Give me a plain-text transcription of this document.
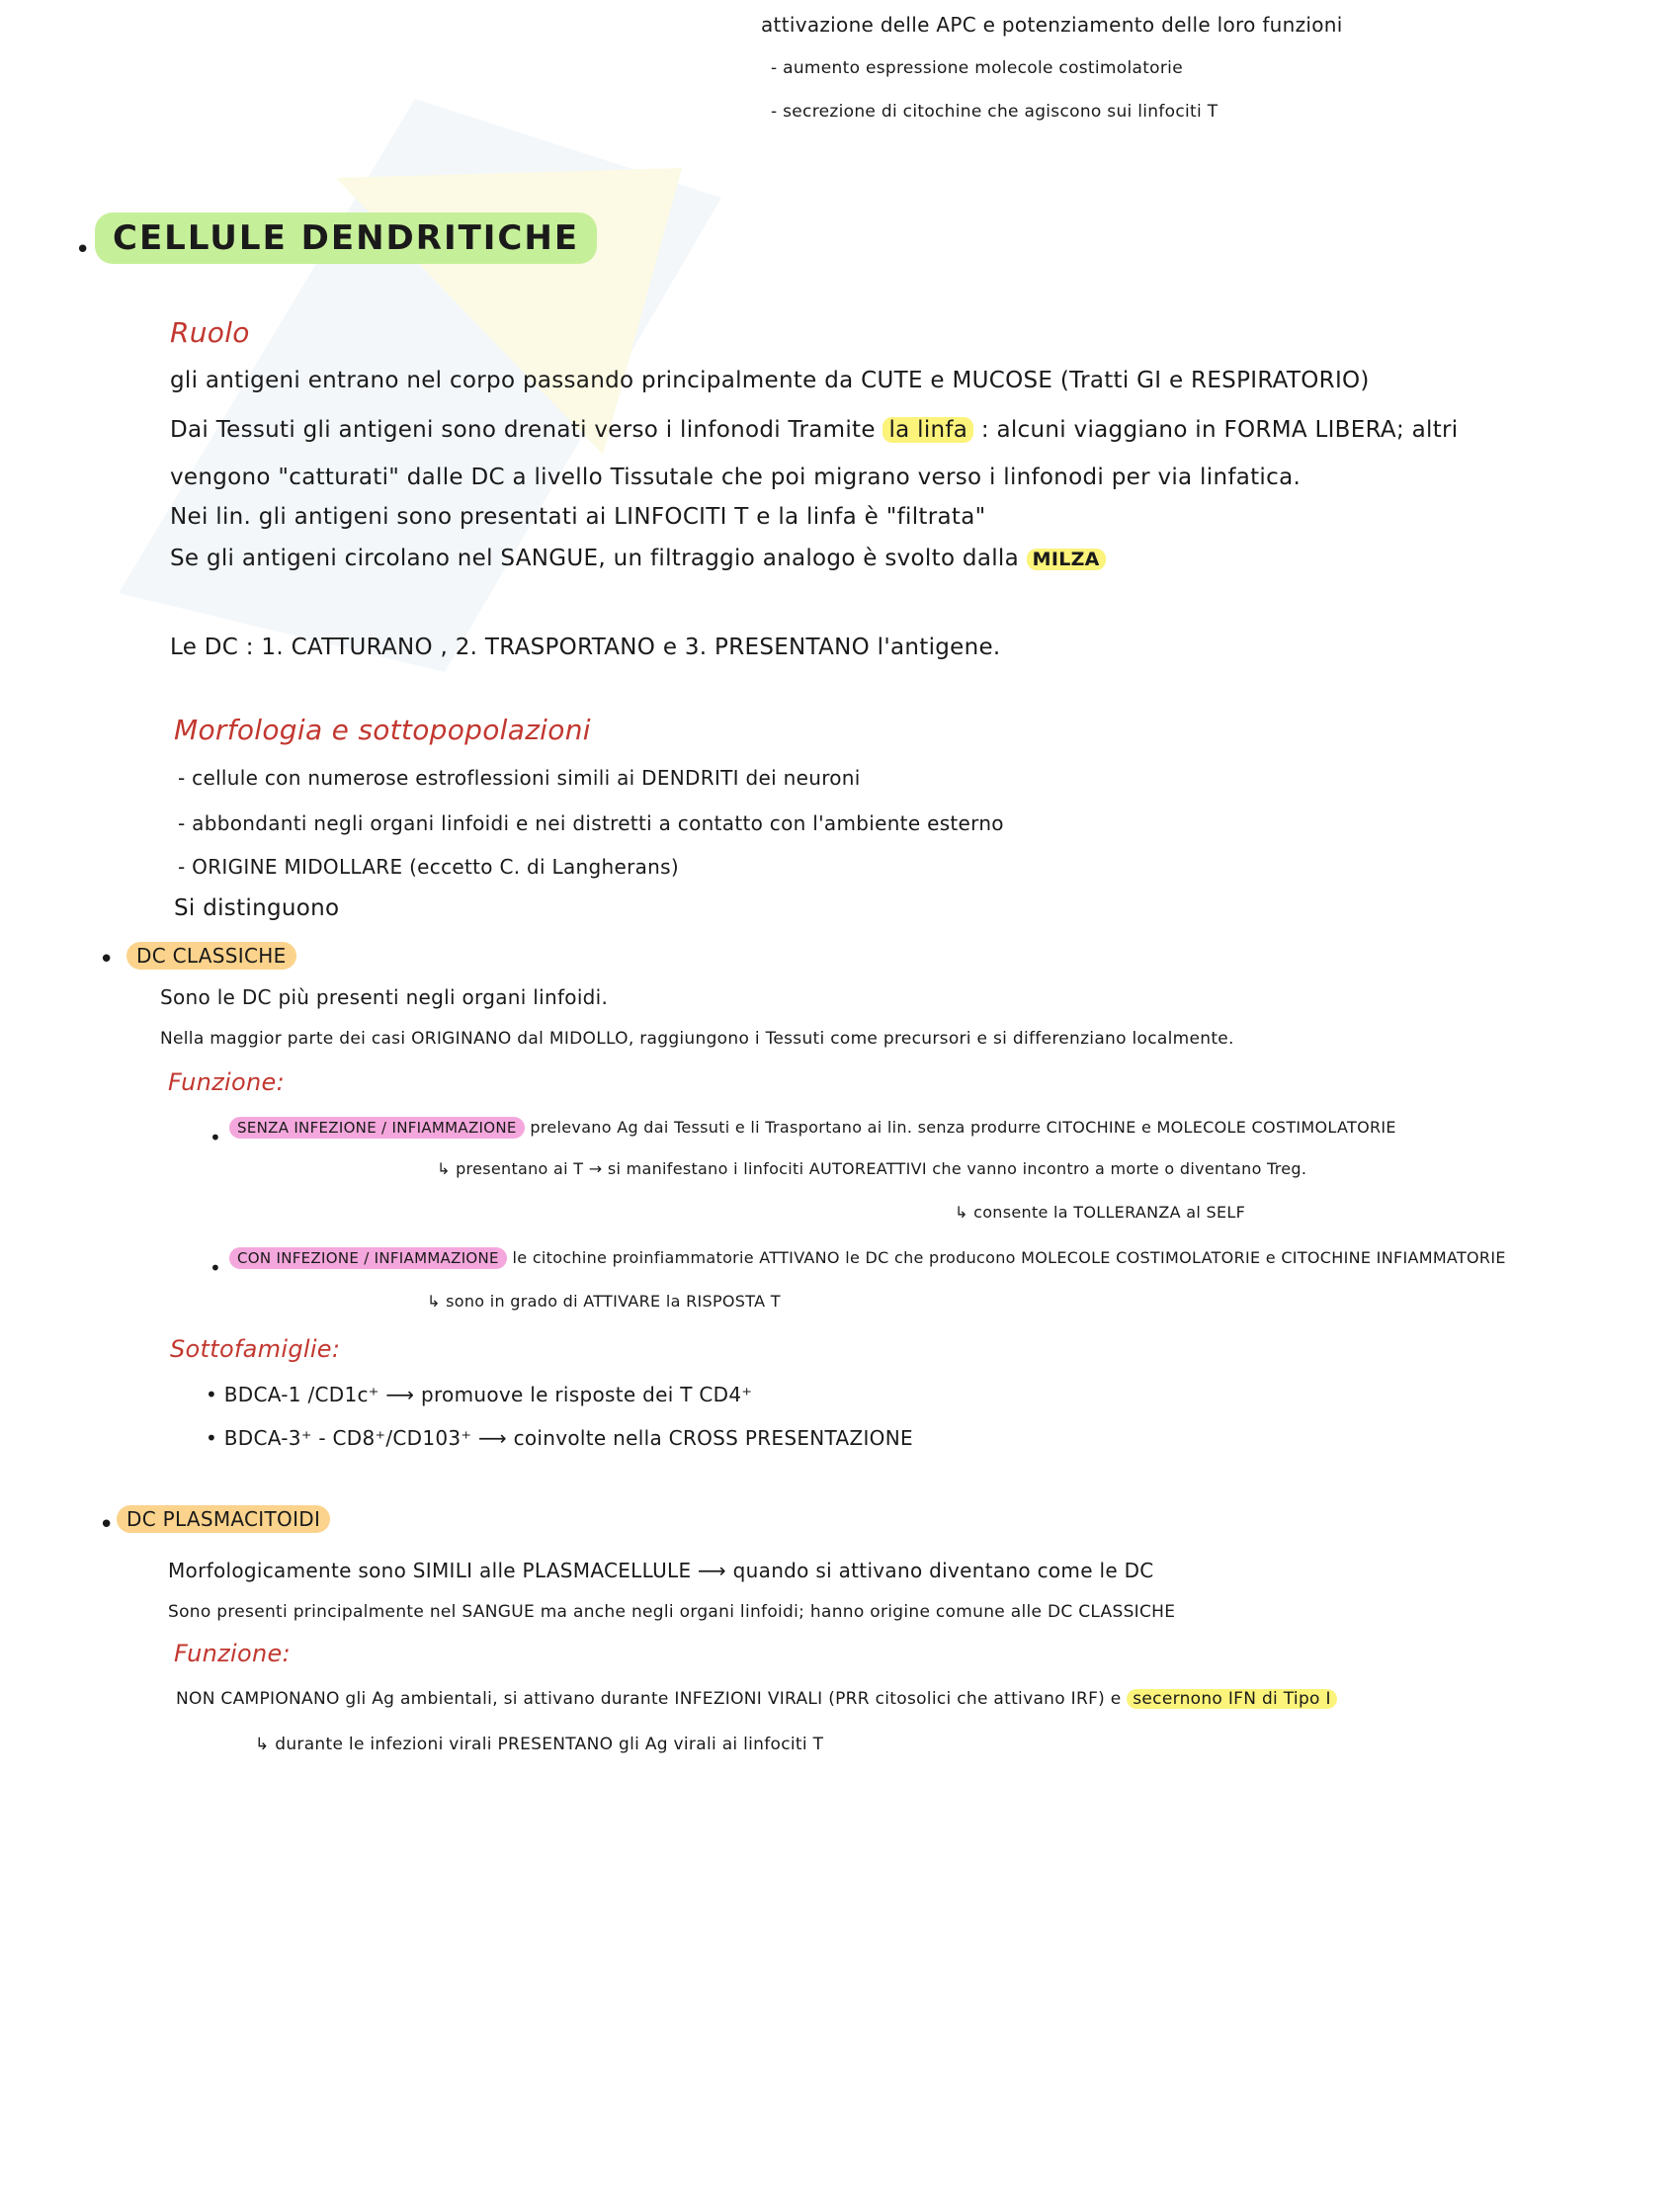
attivazione delle APC e potenziamento delle loro funzioni
- aumento espressione molecole costimolatorie
- secrezione di citochine che agiscono sui linfociti T
• CELLULE DENDRITICHE
Ruolo
gli antigeni entrano nel corpo passando principalmente da CUTE e MUCOSE (Tratti GI e RESPIRATORIO)
Dai Tessuti gli antigeni sono drenati verso i linfonodi Tramite la linfa : alcuni viaggiano in FORMA LIBERA; altri
vengono "catturati" dalle DC a livello Tissutale che poi migrano verso i linfonodi per via linfatica.
Nei lin. gli antigeni sono presentati ai LINFOCITI T e la linfa è "filtrata"
Se gli antigeni circolano nel SANGUE, un filtraggio analogo è svolto dalla MILZA
Le DC : 1. CATTURANO , 2. TRASPORTANO e 3. PRESENTANO l'antigene.
Morfologia e sottopopolazioni
- cellule con numerose estroflessioni simili ai DENDRITI dei neuroni
- abbondanti negli organi linfoidi e nei distretti a contatto con l'ambiente esterno
- ORIGINE MIDOLLARE (eccetto C. di Langherans)
Si distinguono
•	DC CLASSICHE
Sono le DC più presenti negli organi linfoidi.
Nella maggior parte dei casi ORIGINANO dal MIDOLLO, raggiungono i Tessuti come precursori e si differenziano localmente.
Funzione:
•	SENZA INFEZIONE / INFIAMMAZIONE prelevano Ag dai Tessuti e li Trasportano ai lin. senza produrre CITOCHINE e MOLECOLE COSTIMOLATORIE
↳ presentano ai T → si manifestano i linfociti AUTOREATTIVI che vanno incontro a morte o diventano Treg.
↳ consente la TOLLERANZA al SELF
•	CON INFEZIONE / INFIAMMAZIONE le citochine proinfiammatorie ATTIVANO le DC che producono MOLECOLE COSTIMOLATORIE e CITOCHINE INFIAMMATORIE
↳ sono in grado di ATTIVARE la RISPOSTA T
Sottofamiglie:
• BDCA-1 /CD1c⁺ ⟶ promuove le risposte dei T CD4⁺
• BDCA-3⁺ - CD8⁺/CD103⁺ ⟶ coinvolte nella CROSS PRESENTAZIONE
• DC PLASMACITOIDI
Morfologicamente sono SIMILI alle PLASMACELLULE ⟶ quando si attivano diventano come le DC
Sono presenti principalmente nel SANGUE ma anche negli organi linfoidi; hanno origine comune alle DC CLASSICHE
Funzione:
NON CAMPIONANO gli Ag ambientali, si attivano durante INFEZIONI VIRALI (PRR citosolici che attivano IRF) e secernono IFN di Tipo I
↳ durante le infezioni virali PRESENTANO gli Ag virali ai linfociti T
